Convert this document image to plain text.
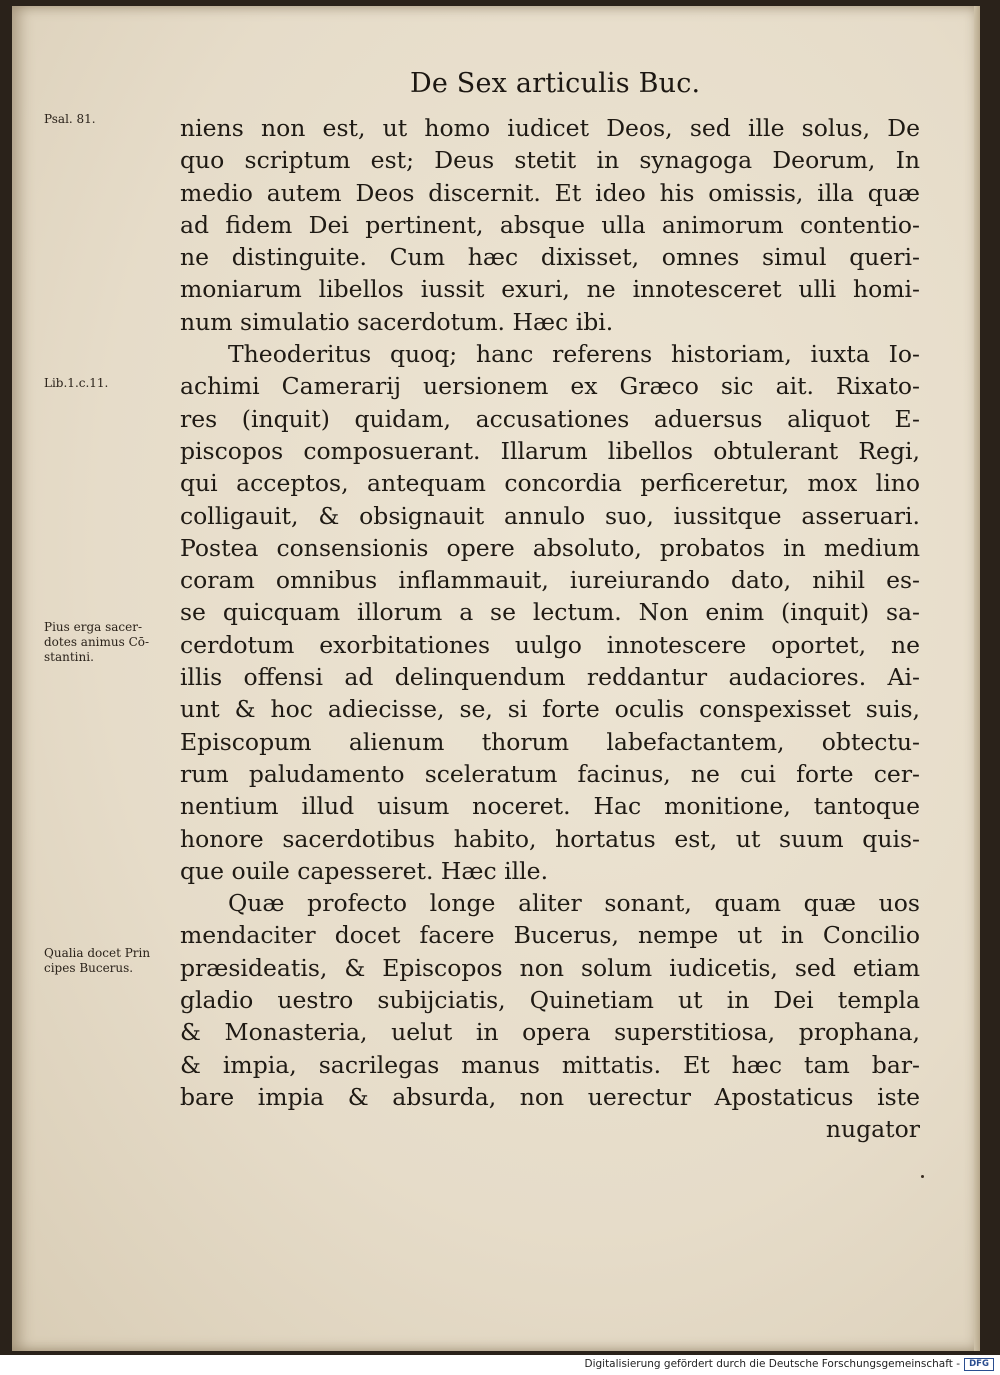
De Sex articulis Buc.
Psal. 81.
Lib.1.c.11.
Pius erga sacer- dotes animus Cō- stantini.
Qualia docet Prin cipes Bucerus.
niens non est, ut homo iudicet Deos, sed ille solus, De
quo scriptum est; Deus stetit in synagoga Deorum, In
medio autem Deos discernit. Et ideo his omissis, illa quæ
ad fidem Dei pertinent, absque ulla animorum contentio-
ne distinguite. Cum hæc dixisset, omnes simul queri-
moniarum libellos iussit exuri, ne innotesceret ulli homi-
num simulatio sacerdotum. Hæc ibi.
Theoderitus quoq; hanc referens historiam, iuxta Io-
achimi Camerarij uersionem ex Græco sic ait. Rixato-
res (inquit) quidam, accusationes aduersus aliquot E-
piscopos composuerant. Illarum libellos obtulerant Regi,
qui acceptos, antequam concordia perficeretur, mox lino
colligauit, & obsignauit annulo suo, iussitque asseruari.
Postea consensionis opere absoluto, probatos in medium
coram omnibus inflammauit, iureiurando dato, nihil es-
se quicquam illorum a se lectum. Non enim (inquit) sa-
cerdotum exorbitationes uulgo innotescere oportet, ne
illis offensi ad delinquendum reddantur audaciores. Ai-
unt & hoc adiecisse, se, si forte oculis conspexisset suis,
Episcopum alienum thorum labefactantem, obtectu-
rum paludamento sceleratum facinus, ne cui forte cer-
nentium illud uisum noceret. Hac monitione, tantoque
honore sacerdotibus habito, hortatus est, ut suum quis-
que ouile capesseret. Hæc ille.
Quæ profecto longe aliter sonant, quam quæ uos
mendaciter docet facere Bucerus, nempe ut in Concilio
præsideatis, & Episcopos non solum iudicetis, sed etiam
gladio uestro subijciatis, Quinetiam ut in Dei templa
& Monasteria, uelut in opera superstitiosa, prophana,
& impia, sacrilegas manus mittatis. Et hæc tam bar-
bare impia & absurda, non uerectur Apostaticus iste
nugator
Digitalisierung gefördert durch die Deutsche Forschungsgemeinschaft -	DFG
